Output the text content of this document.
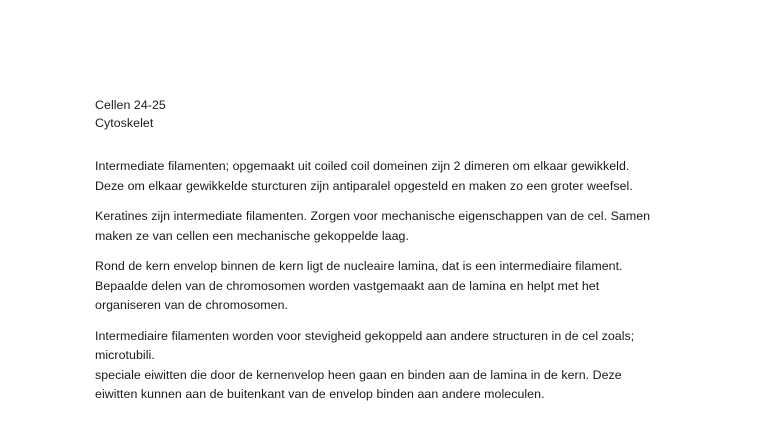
Cellen 24-25
Cytoskelet
Intermediate filamenten; opgemaakt uit coiled coil domeinen zijn 2 dimeren om elkaar gewikkeld.
Deze om elkaar gewikkelde sturcturen zijn antiparalel opgesteld en maken zo een groter weefsel.
Keratines zijn intermediate filamenten. Zorgen voor mechanische eigenschappen van de cel. Samen
maken ze van cellen een mechanische gekoppelde laag.
Rond de kern envelop binnen de kern ligt de nucleaire lamina, dat is een intermediaire filament.
Bepaalde delen van de chromosomen worden vastgemaakt aan de lamina en helpt met het
organiseren van de chromosomen.
Intermediaire filamenten worden voor stevigheid gekoppeld aan andere structuren in de cel zoals;
microtubili.
speciale eiwitten die door de kernenvelop heen gaan en binden aan de lamina in de kern. Deze
eiwitten kunnen aan de buitenkant van de envelop binden aan andere moleculen.
